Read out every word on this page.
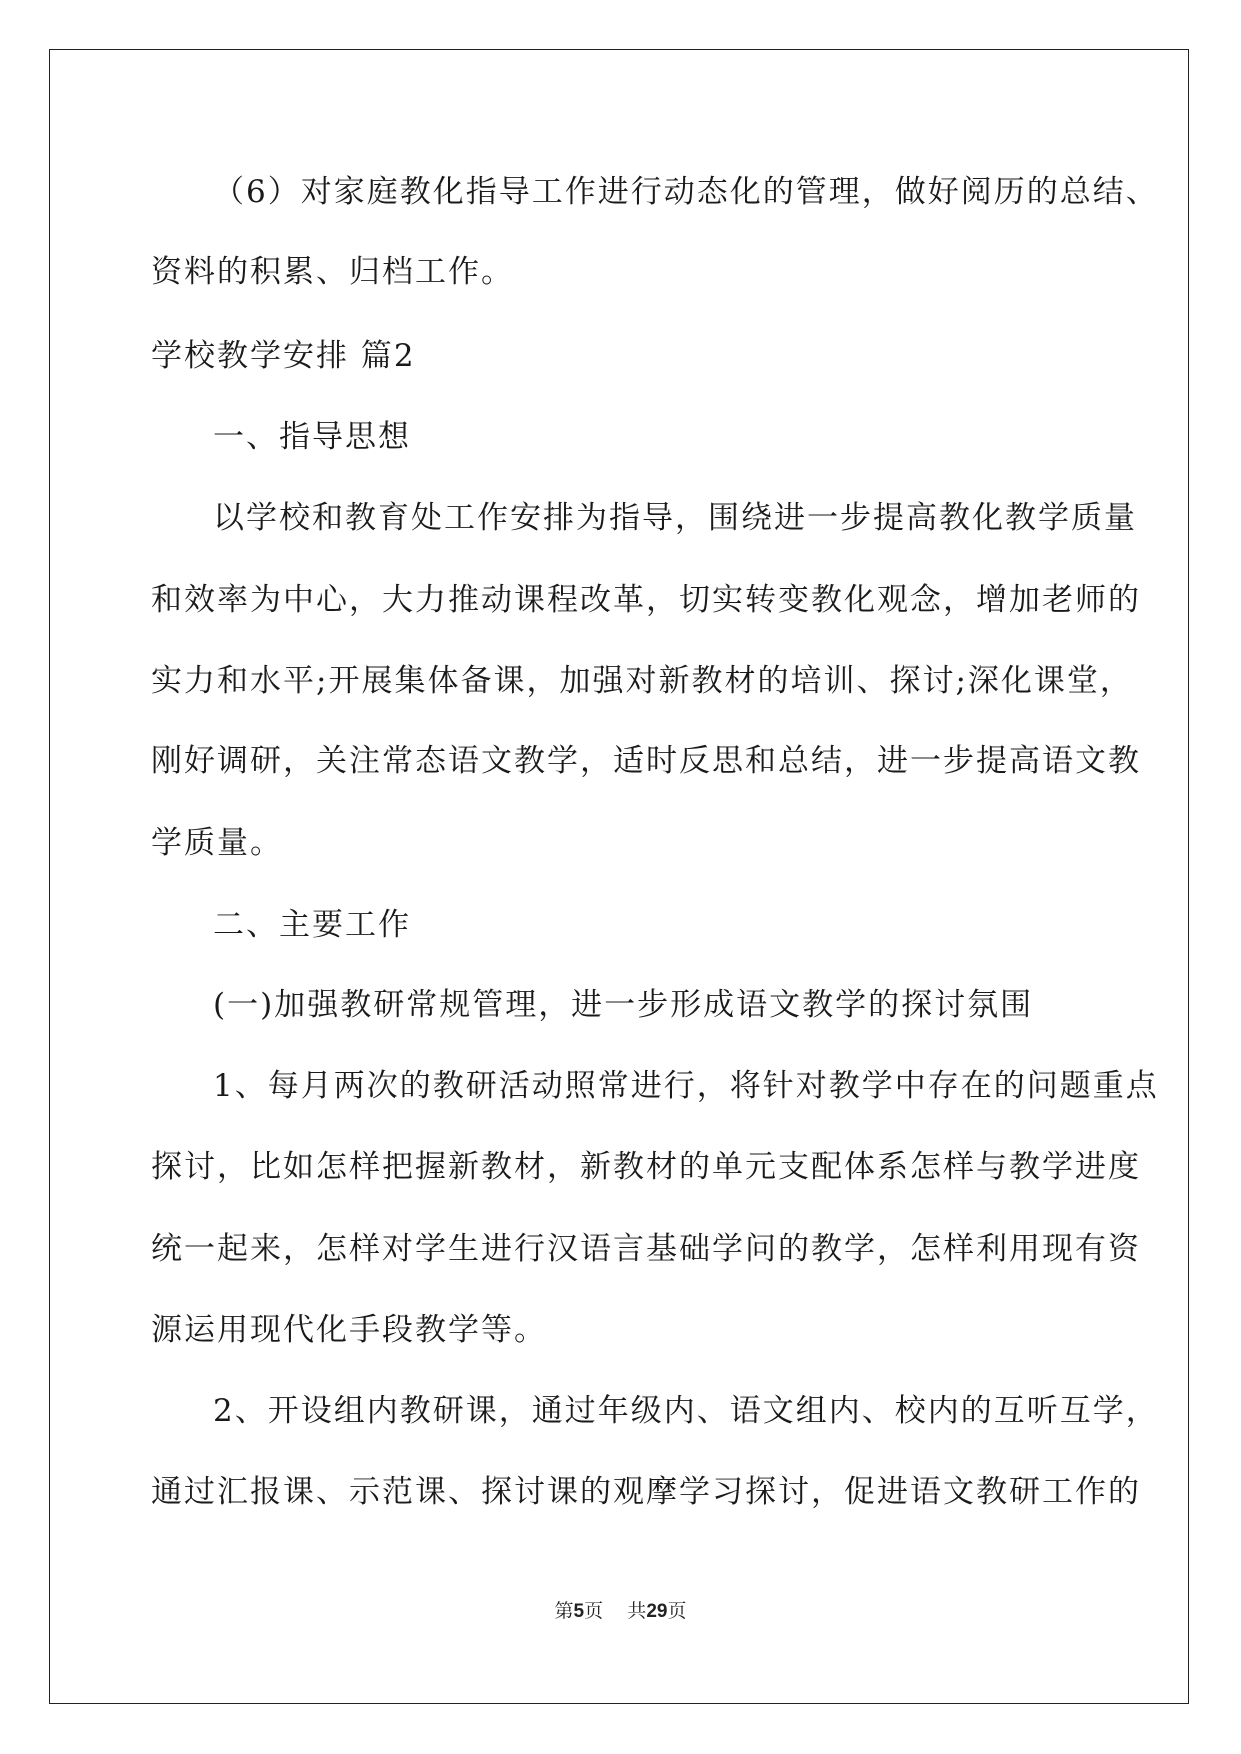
（6）对家庭教化指导工作进行动态化的管理，做好阅历的总结、
资料的积累、归档工作。
学校教学安排 篇2
一、指导思想
以学校和教育处工作安排为指导，围绕进一步提高教化教学质量
和效率为中心，大力推动课程改革，切实转变教化观念，增加老师的
实力和水平;开展集体备课，加强对新教材的培训、探讨;深化课堂，
刚好调研，关注常态语文教学，适时反思和总结，进一步提高语文教
学质量。
二、主要工作
(一)加强教研常规管理，进一步形成语文教学的探讨氛围
1、每月两次的教研活动照常进行，将针对教学中存在的问题重点
探讨，比如怎样把握新教材，新教材的单元支配体系怎样与教学进度
统一起来，怎样对学生进行汉语言基础学问的教学，怎样利用现有资
源运用现代化手段教学等。
2、开设组内教研课，通过年级内、语文组内、校内的互听互学，
通过汇报课、示范课、探讨课的观摩学习探讨，促进语文教研工作的
第5页 共29页
